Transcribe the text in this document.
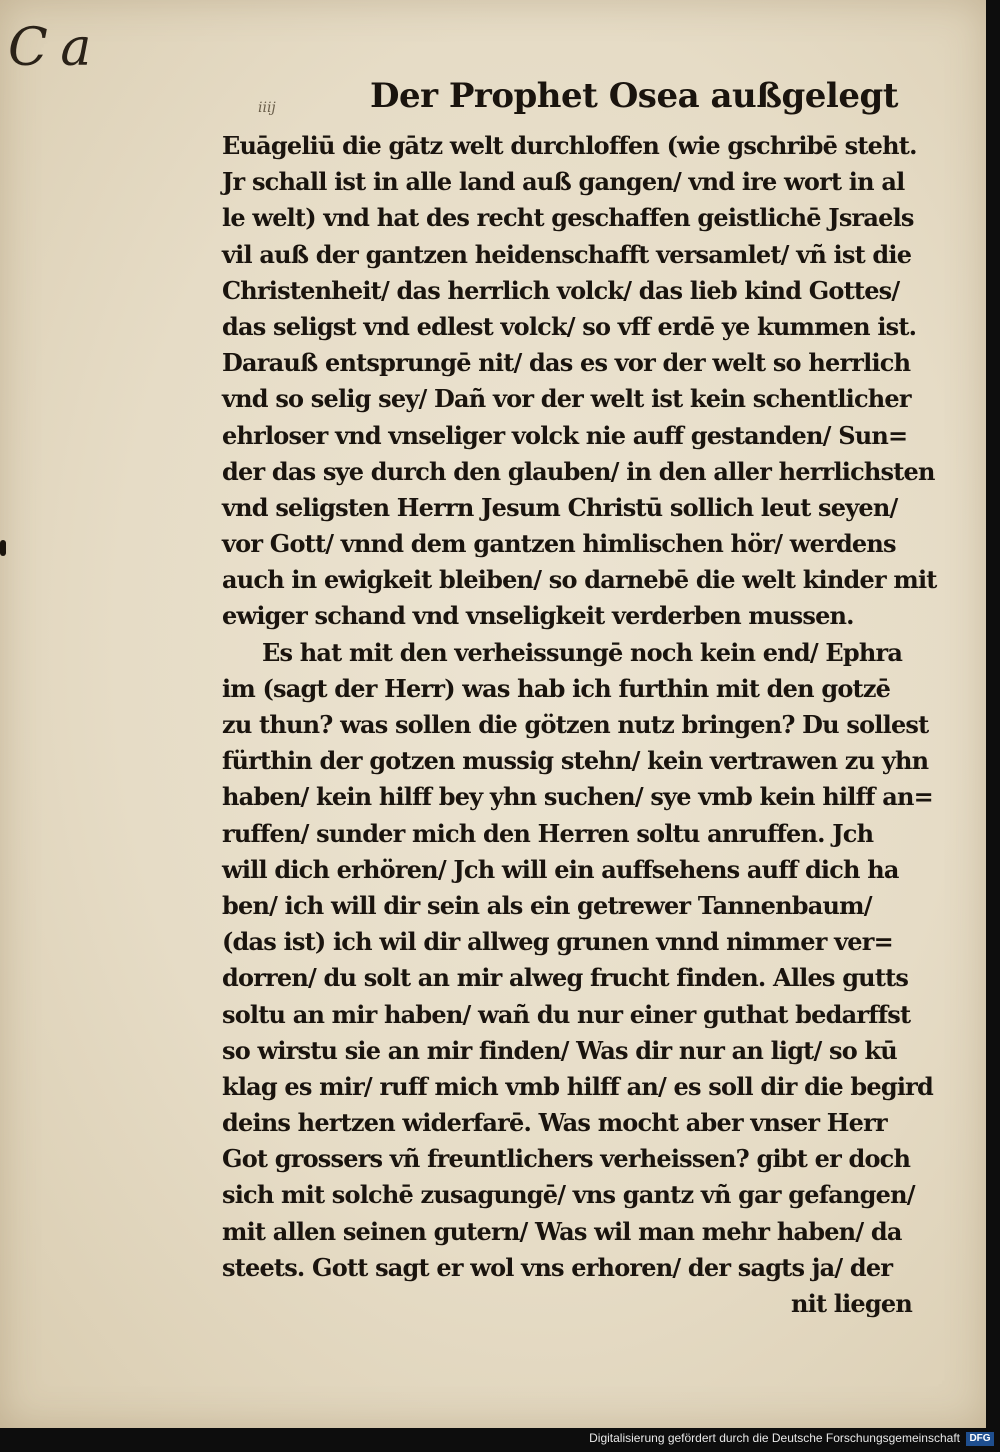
C a
iiij	Der Prophet Osea außgelegt
Euāgeliū die gātz welt durchloffen (wie gschribē steht.
Jr schall ist in alle land auß gangen/ vnd ire wort in al
le welt) vnd hat des recht geschaffen geistlichē Jsraels
vil auß der gantzen heidenschafft versamlet/ vñ ist die
Christenheit/ das herrlich volck/ das lieb kind Gottes/
das seligst vnd edlest volck/ so vff erdē ye kummen ist.
Darauß entsprungē nit/ das es vor der welt so herrlich
vnd so selig sey/ Dañ vor der welt ist kein schentlicher
ehrloser vnd vnseliger volck nie auff gestanden/ Sun=
der das sye durch den glauben/ in den aller herrlichsten
vnd seligsten Herrn Jesum Christū sollich leut seyen/
vor Gott/ vnnd dem gantzen himlischen hör/ werdens
auch in ewigkeit bleiben/ so darnebē die welt kinder mit
ewiger schand vnd vnseligkeit verderben mussen.
Es hat mit den verheissungē noch kein end/ Ephra
im (sagt der Herr) was hab ich furthin mit den gotzē
zu thun? was sollen die götzen nutz bringen? Du sollest
fürthin der gotzen mussig stehn/ kein vertrawen zu yhn
haben/ kein hilff bey yhn suchen/ sye vmb kein hilff an=
ruffen/ sunder mich den Herren soltu anruffen. Jch
will dich erhören/ Jch will ein auffsehens auff dich ha
ben/ ich will dir sein als ein getrewer Tannenbaum/
(das ist) ich wil dir allweg grunen vnnd nimmer ver=
dorren/ du solt an mir alweg frucht finden. Alles gutts
soltu an mir haben/ wañ du nur einer guthat bedarffst
so wirstu sie an mir finden/ Was dir nur an ligt/ so kū
klag es mir/ ruff mich vmb hilff an/ es soll dir die begird
deins hertzen widerfarē. Was mocht aber vnser Herr
Got grossers vñ freuntlichers verheissen? gibt er doch
sich mit solchē zusagungē/ vns gantz vñ gar gefangen/
mit allen seinen gutern/ Was wil man mehr haben/ da
steets. Gott sagt er wol vns erhoren/ der sagts ja/ der
nit liegen
Digitalisierung gefördert durch die Deutsche Forschungsgemeinschaft DFG
